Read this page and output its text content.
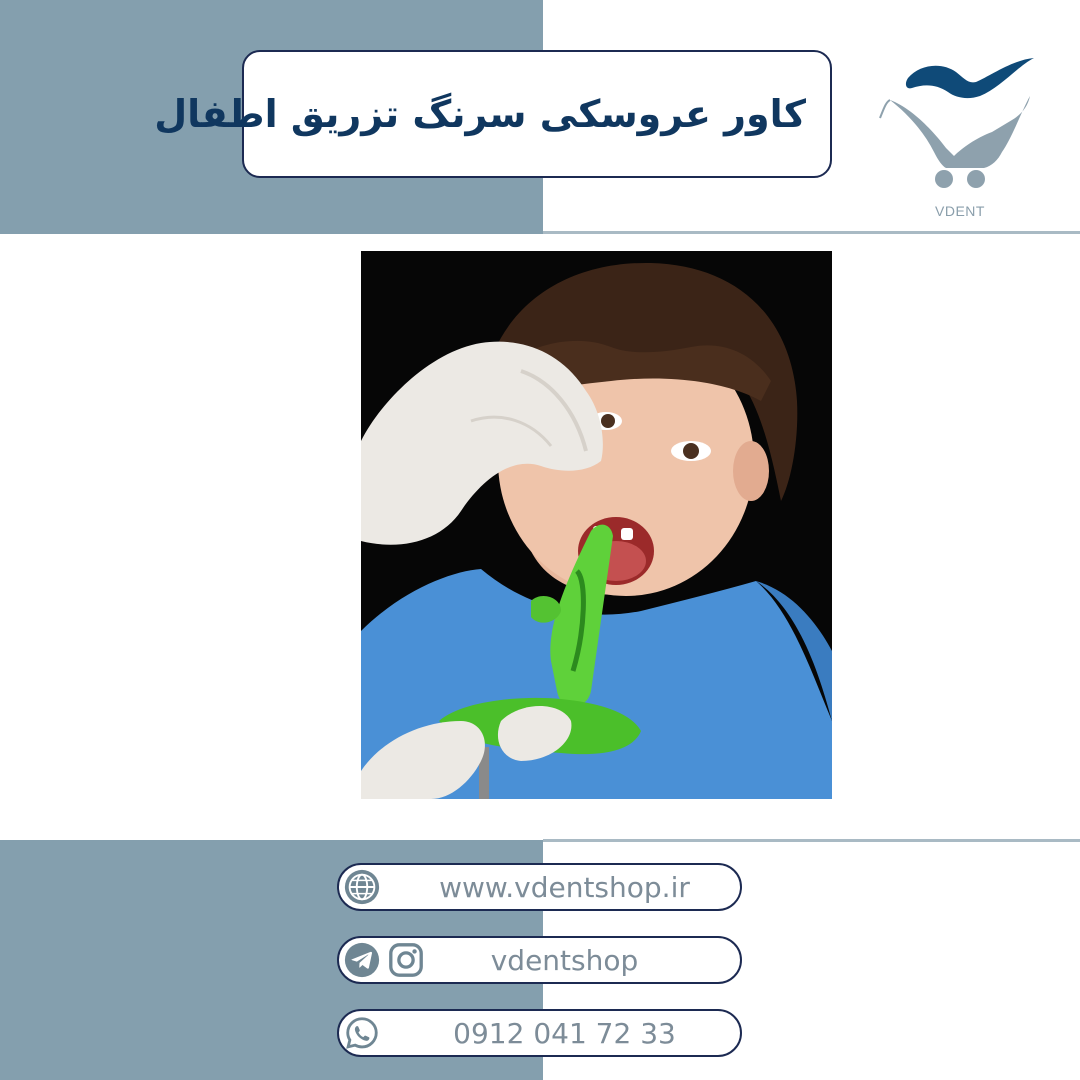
کاور عروسکی سرنگ تزریق اطفال
VDENT
www.vdentshop.ir
vdentshop
0912 041 72 33
